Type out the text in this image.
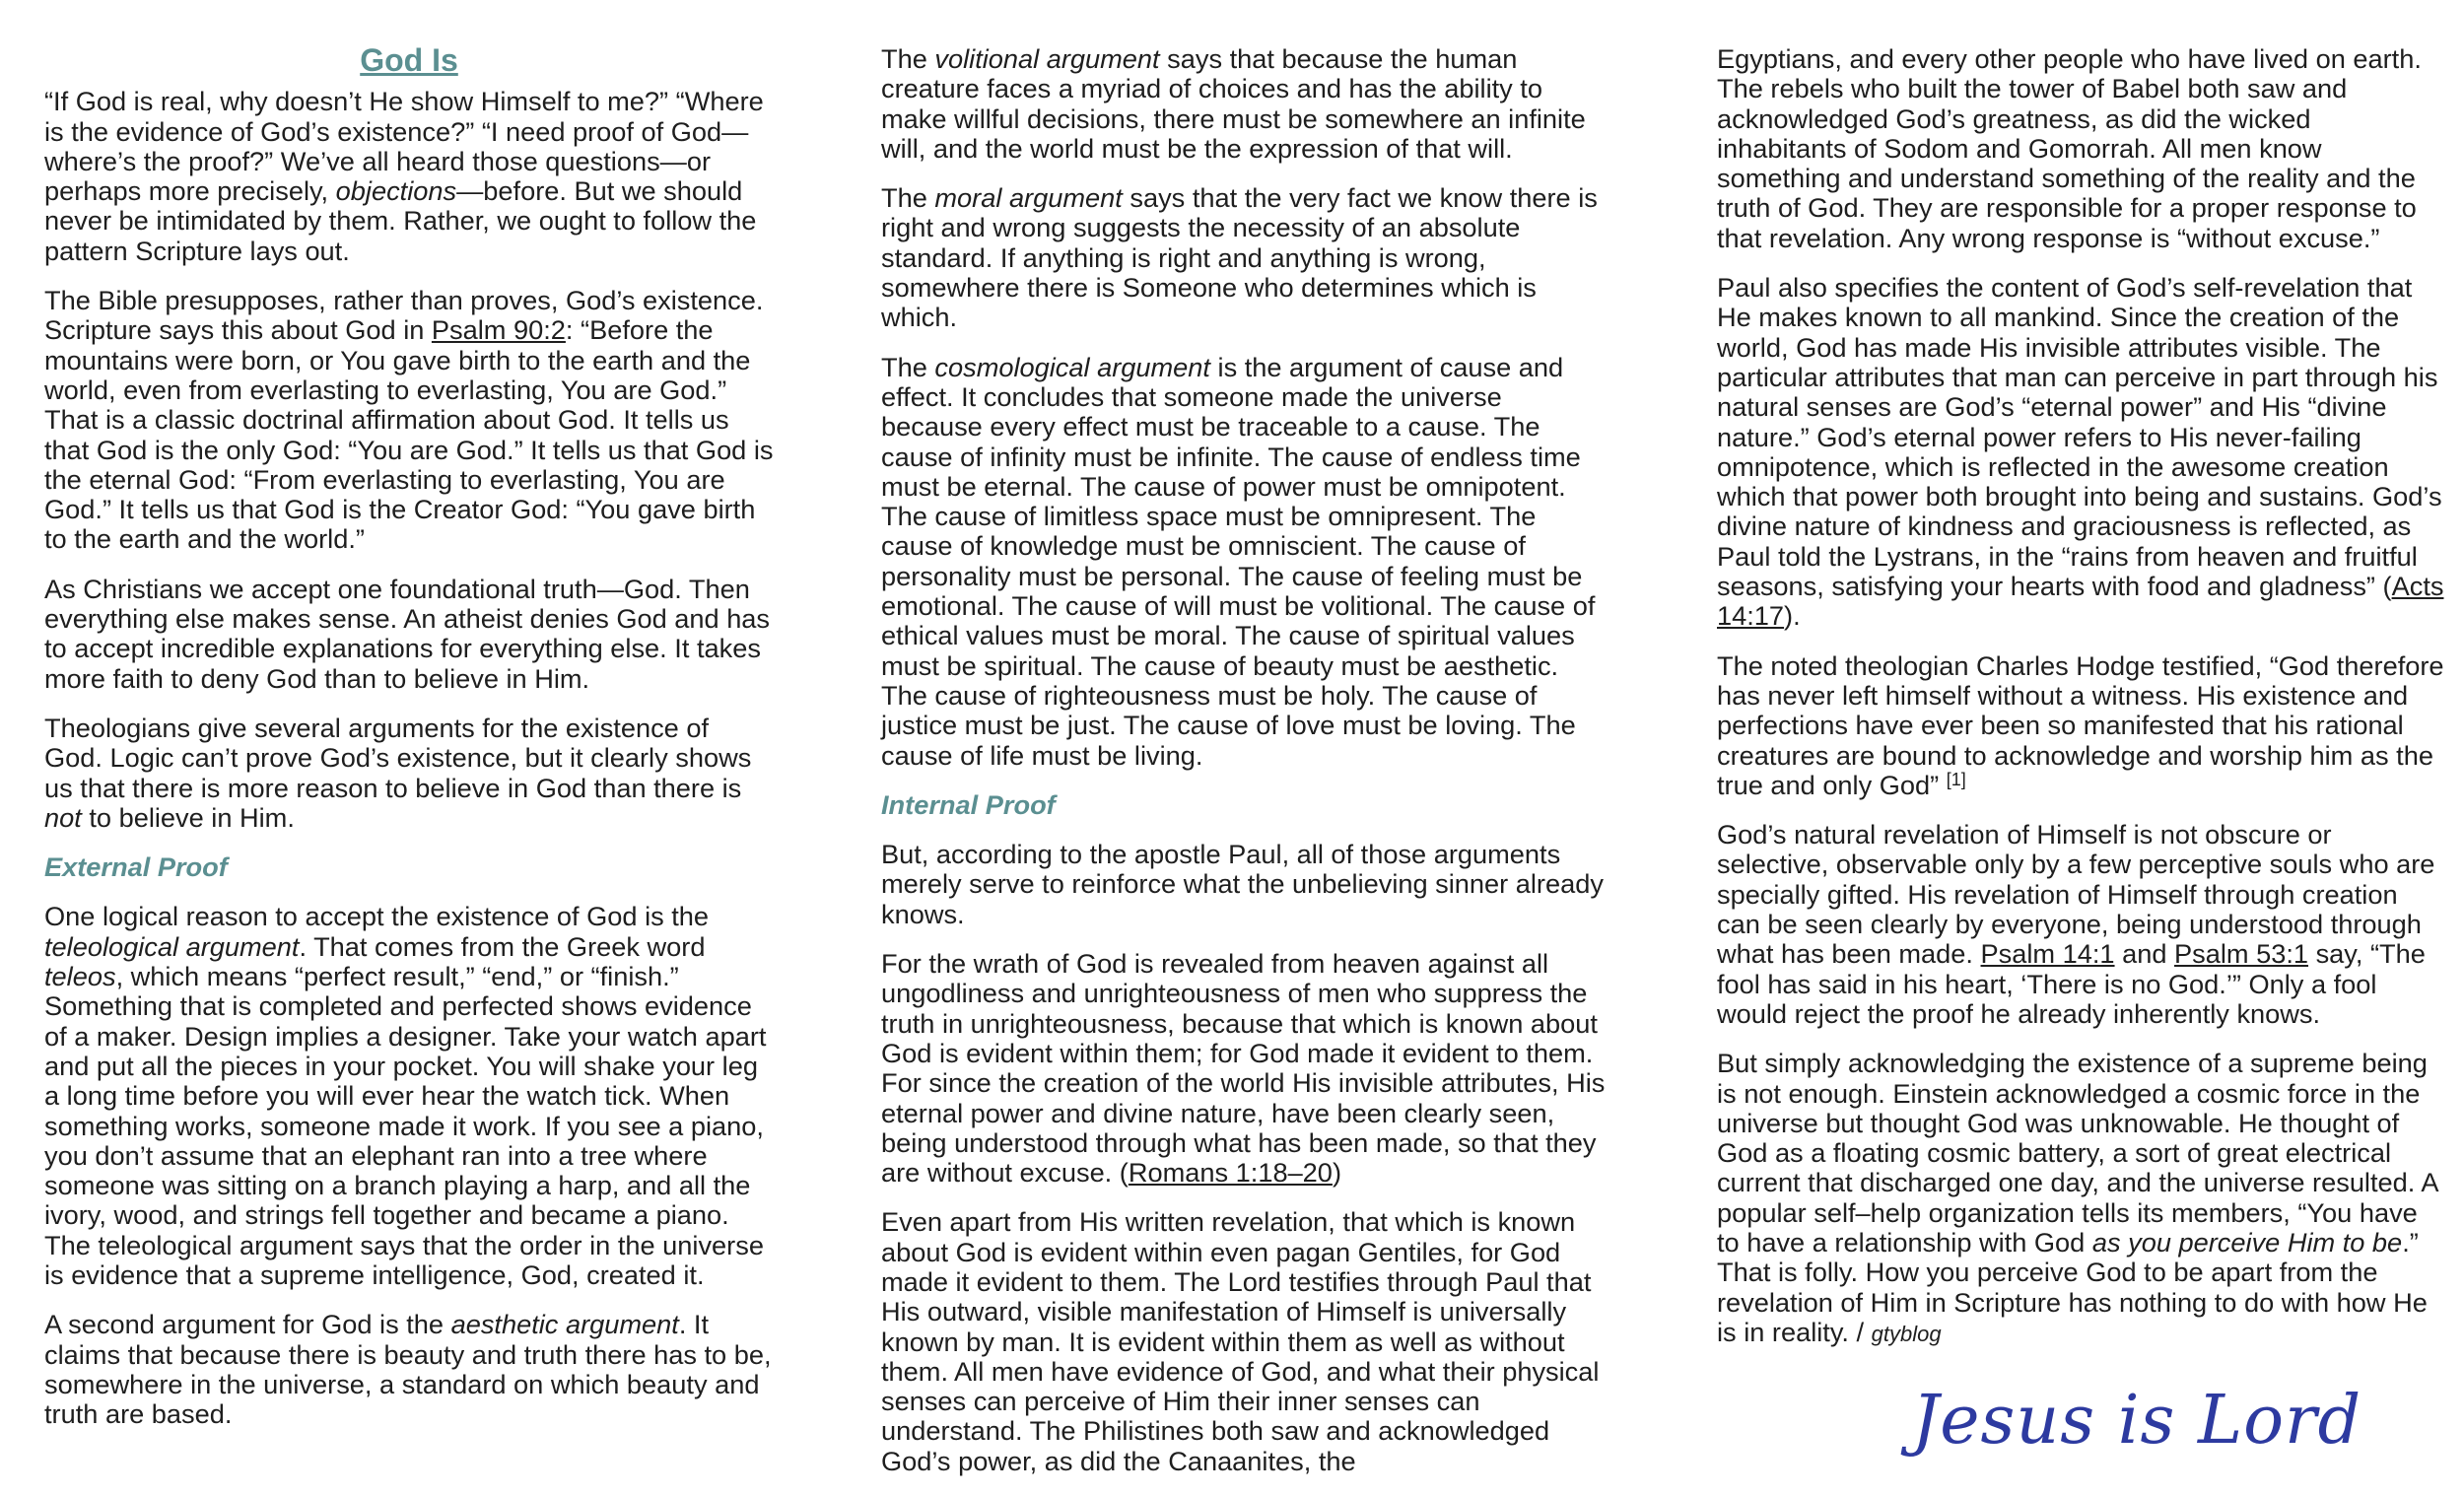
God Is

“If God is real, why doesn’t He show Himself to me?” “Where is the evidence of God’s existence?” “I need proof of God—where’s the proof?” We’ve all heard those questions—or perhaps more precisely, objections—before. But we should never be intimidated by them. Rather, we ought to follow the pattern Scripture lays out.

The Bible presupposes, rather than proves, God’s existence. Scripture says this about God in Psalm 90:2: “Before the mountains were born, or You gave birth to the earth and the world, even from everlasting to everlasting, You are God.” That is a classic doctrinal affirmation about God. It tells us that God is the only God: “You are God.” It tells us that God is the eternal God: “From everlasting to everlasting, You are God.” It tells us that God is the Creator God: “You gave birth to the earth and the world.”

As Christians we accept one foundational truth—God. Then everything else makes sense. An atheist denies God and has to accept incredible explanations for everything else. It takes more faith to deny God than to believe in Him.

Theologians give several arguments for the existence of God. Logic can’t prove God’s existence, but it clearly shows us that there is more reason to believe in God than there is not to believe in Him.

External Proof

One logical reason to accept the existence of God is the teleological argument. That comes from the Greek word teleos, which means “perfect result,” “end,” or “finish.” Something that is completed and perfected shows evidence of a maker. Design implies a designer. Take your watch apart and put all the pieces in your pocket. You will shake your leg a long time before you will ever hear the watch tick. When something works, someone made it work. If you see a piano, you don’t assume that an elephant ran into a tree where someone was sitting on a branch playing a harp, and all the ivory, wood, and strings fell together and became a piano. The teleological argument says that the order in the universe is evidence that a supreme intelligence, God, created it.

A second argument for God is the aesthetic argument. It claims that because there is beauty and truth there has to be, somewhere in the universe, a standard on which beauty and truth are based.

The volitional argument says that because the human creature faces a myriad of choices and has the ability to make willful decisions, there must be somewhere an infinite will, and the world must be the expression of that will.

The moral argument says that the very fact we know there is right and wrong suggests the necessity of an absolute standard. If anything is right and anything is wrong, somewhere there is Someone who determines which is which.

The cosmological argument is the argument of cause and effect. It concludes that someone made the universe because every effect must be traceable to a cause. The cause of infinity must be infinite. The cause of endless time must be eternal. The cause of power must be omnipotent. The cause of limitless space must be omnipresent. The cause of knowledge must be omniscient. The cause of personality must be personal. The cause of feeling must be emotional. The cause of will must be volitional. The cause of ethical values must be moral. The cause of spiritual values must be spiritual. The cause of beauty must be aesthetic. The cause of righteousness must be holy. The cause of justice must be just. The cause of love must be loving. The cause of life must be living.

Internal Proof

But, according to the apostle Paul, all of those arguments merely serve to reinforce what the unbelieving sinner already knows.

For the wrath of God is revealed from heaven against all ungodliness and unrighteousness of men who suppress the truth in unrighteousness, because that which is known about God is evident within them; for God made it evident to them. For since the creation of the world His invisible attributes, His eternal power and divine nature, have been clearly seen, being understood through what has been made, so that they are without excuse. (Romans 1:18–20)

Even apart from His written revelation, that which is known about God is evident within even pagan Gentiles, for God made it evident to them. The Lord testifies through Paul that His outward, visible manifestation of Himself is universally known by man. It is evident within them as well as without them. All men have evidence of God, and what their physical senses can perceive of Him their inner senses can understand. The Philistines both saw and acknowledged God’s power, as did the Canaanites, the

Egyptians, and every other people who have lived on earth. The rebels who built the tower of Babel both saw and acknowledged God’s greatness, as did the wicked inhabitants of Sodom and Gomorrah. All men know something and understand something of the reality and the truth of God. They are responsible for a proper response to that revelation. Any wrong response is “without excuse.”

Paul also specifies the content of God’s self-revelation that He makes known to all mankind. Since the creation of the world, God has made His invisible attributes visible. The particular attributes that man can perceive in part through his natural senses are God’s “eternal power” and His “divine nature.” God’s eternal power refers to His never-failing omnipotence, which is reflected in the awesome creation which that power both brought into being and sustains. God’s divine nature of kindness and graciousness is reflected, as Paul told the Lystrans, in the “rains from heaven and fruitful seasons, satisfying your hearts with food and gladness” (Acts 14:17).

The noted theologian Charles Hodge testified, “God therefore has never left himself without a witness. His existence and perfections have ever been so manifested that his rational creatures are bound to acknowledge and worship him as the true and only God” [1]

God’s natural revelation of Himself is not obscure or selective, observable only by a few perceptive souls who are specially gifted. His revelation of Himself through creation can be seen clearly by everyone, being understood through what has been made. Psalm 14:1 and Psalm 53:1 say, “The fool has said in his heart, ‘There is no God.’” Only a fool would reject the proof he already inherently knows.

But simply acknowledging the existence of a supreme being is not enough. Einstein acknowledged a cosmic force in the universe but thought God was unknowable. He thought of God as a floating cosmic battery, a sort of great electrical current that discharged one day, and the universe resulted. A popular self–help organization tells its members, “You have to have a relationship with God as you perceive Him to be.” That is folly. How you perceive God to be apart from the revelation of Him in Scripture has nothing to do with how He is in reality. / gtyblog

Jesus is Lord
